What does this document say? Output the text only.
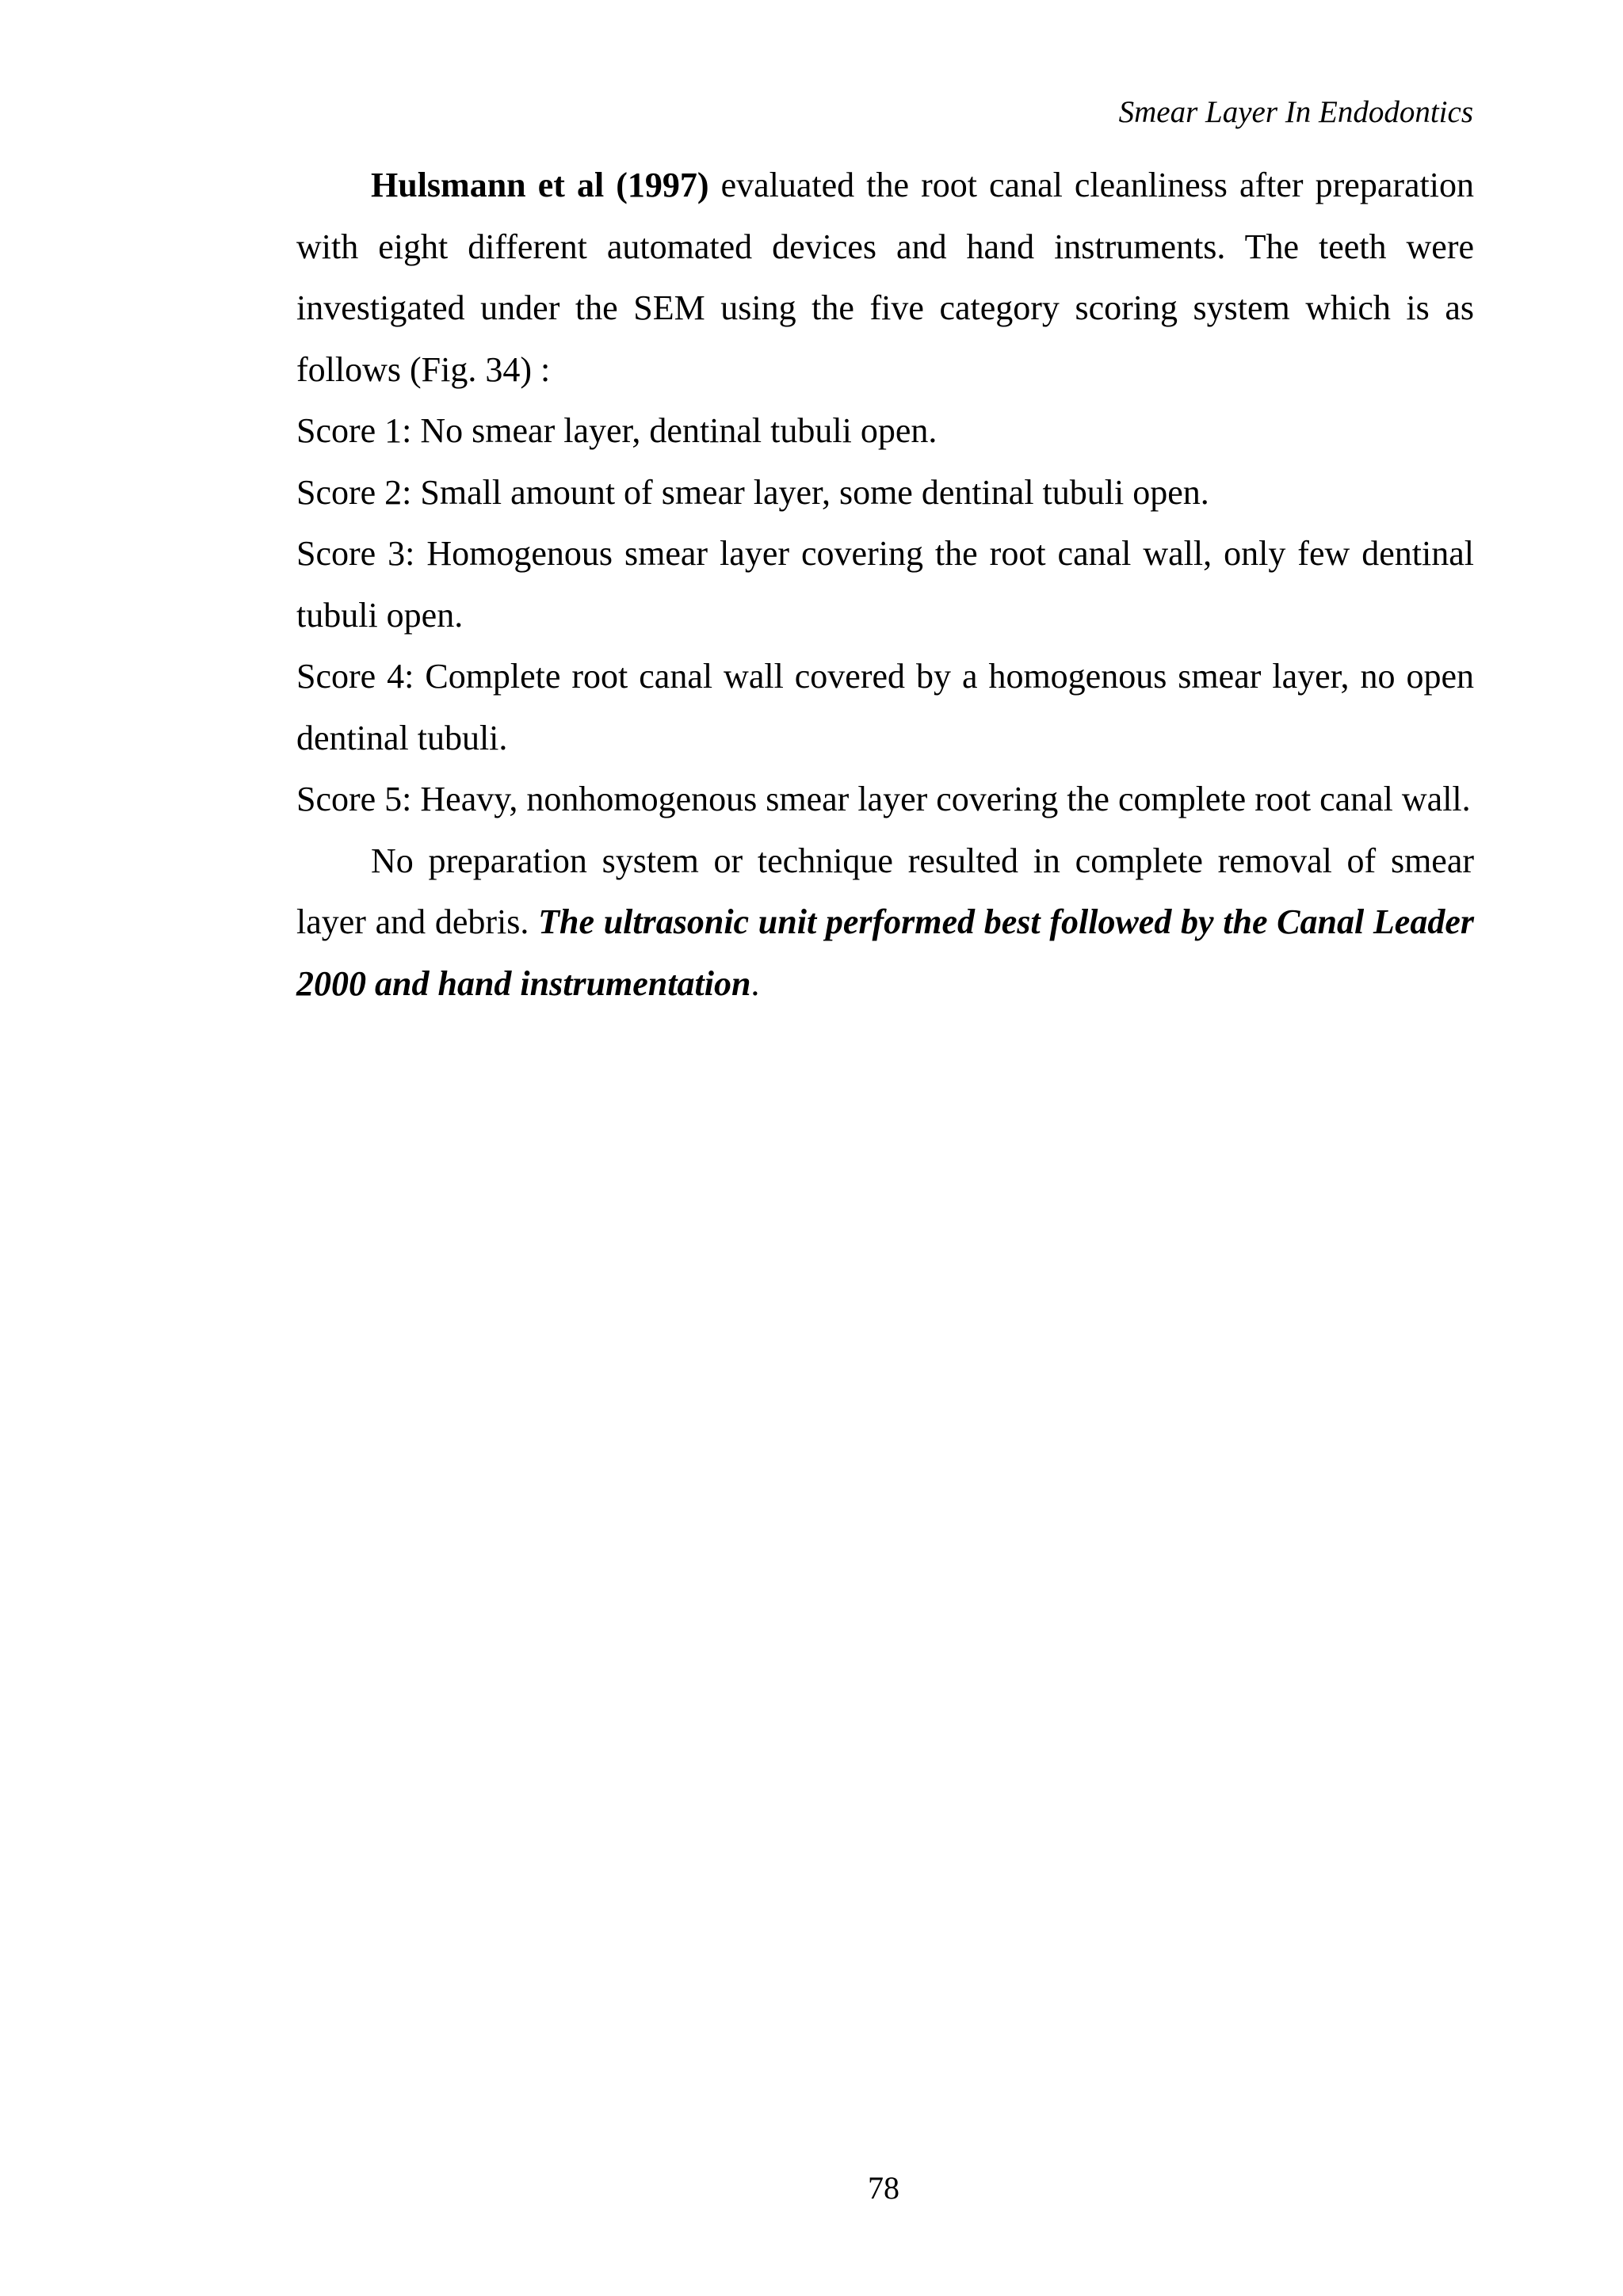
Smear Layer In Endodontics

Hulsmann et al (1997) evaluated the root canal cleanliness after preparation with eight different automated devices and hand instruments. The teeth were investigated under the SEM using the five category scoring system which is as follows (Fig. 34) :

Score 1: No smear layer, dentinal tubuli open.

Score 2: Small amount of smear layer, some dentinal tubuli open.

Score 3: Homogenous smear layer covering the root canal wall, only few dentinal tubuli open.

Score 4: Complete root canal wall covered by a homogenous smear layer, no open dentinal tubuli.

Score 5: Heavy, nonhomogenous smear layer covering the complete root canal wall.

No preparation system or technique resulted in complete removal of smear layer and debris. The ultrasonic unit performed best followed by the Canal Leader 2000 and hand instrumentation.

78
